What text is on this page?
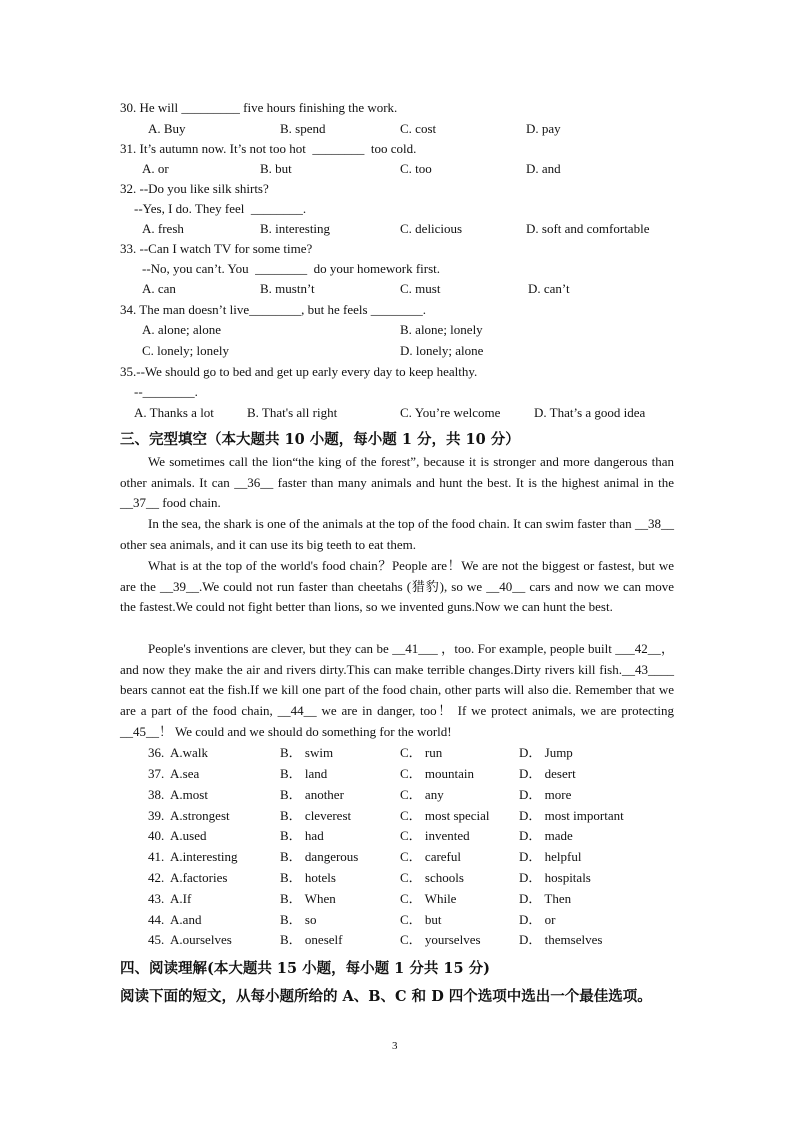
30. He will _________ five hours finishing the work.
A. Buy	B. spend	C. cost	D. pay
31. It’s autumn now. It’s not too hot  ________  too cold.
A. or	B. but	C. too	D. and
32. --Do you like silk shirts?
--Yes, I do. They feel  ________.
A. fresh	B. interesting	C. delicious	D. soft and comfortable
33. --Can I watch TV for some time?
--No, you can’t. You  ________  do your homework first.
A. can	B. mustn’t	C. must	D. can’t
34. The man doesn’t live________, but he feels ________.
A. alone; alone	B. alone; lonely
C. lonely; lonely	D. lonely; alone
35.--We should go to bed and get up early every day to keep healthy.
--________.
A. Thanks a lot	B. That's all right	C. You’re welcome	D. That’s a good idea
三、完型填空（本大题共 10 小题，每小题 1 分，共 10 分）
We sometimes call the lion“the king of the forest”, because it is stronger and more dangerous than other animals. It can __36__ faster than many animals and hunt the best. It is the highest animal in the __37__ food chain.
In the sea, the shark is one of the animals at the top of the food chain. It can swim faster than __38__ other sea animals, and it can use its big teeth to eat them.
What is at the top of the world's food chain？People are！We are not the biggest or fastest, but we are the __39__.We could not run faster than cheetahs (猎豹), so we __40__ cars and now we can move the fastest.We could not fight better than lions, so we invented guns.Now we can hunt the best.
People's inventions are clever, but they can be __41___ ，too. For example, people built ___42__， and now they make the air and rivers dirty.This can make terrible changes.Dirty rivers kill fish.__43____ bears cannot eat the fish.If we kill one part of the food chain, other parts will also die. Remember that we are a part of the food chain, __44__ we are in danger, too！ If we protect animals, we are protecting __45__！ We could and we should do something for the world!
36.  A.walk	B． swim	C． run	D． Jump
37.  A.sea	B． land	C． mountain	D． desert
38.  A.most	B． another	C． any	D． more
39.  A.strongest	B． cleverest	C． most special D． most important
40.  A.used	B． had	C． invented	D． made
41.  A.interesting	B． dangerous	C． careful	D． helpful
42.  A.factories	B． hotels	C． schools	D． hospitals
43.  A.If	B． When	C． While	D． Then
44.  A.and	B． so	C． but	D． or
45.  A.ourselves	B． oneself	C． yourselves	D． themselves
四、阅读理解(本大题共 15 小题，每小题 1 分共 15 分)
阅读下面的短文，从每小题所给的 A、B、C 和 D 四个选项中选出一个最佳选项。
3
